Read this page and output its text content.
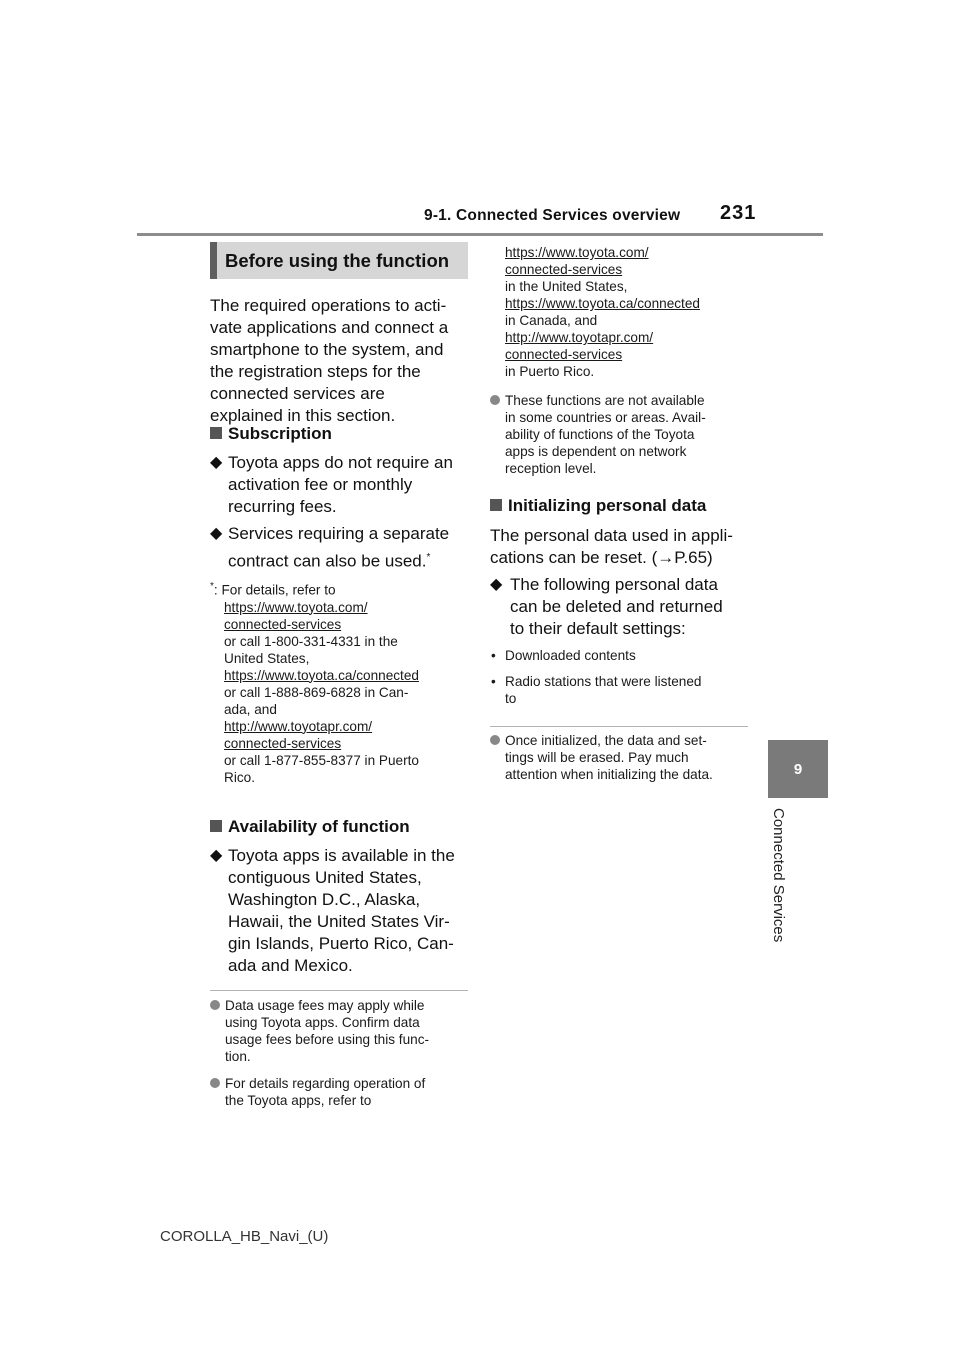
9-1. Connected Services overview 231
9
Connected Services
Before using the function
The required operations to acti-
vate applications and connect a
smartphone to the system, and
the registration steps for the
connected services are
explained in this section.
Subscription
◆ Toyota apps do not require an
activation fee or monthly
recurring fees.
◆ Services requiring a separate
contract can also be used.*
*: For details, refer to
https://www.toyota.com/
connected-services
or call 1-800-331-4331 in the
United States,
https://www.toyota.ca/connected
or call 1-888-869-6828 in Can-
ada, and
http://www.toyotapr.com/
connected-services
or call 1-877-855-8377 in Puerto
Rico.
Availability of function
◆ Toyota apps is available in the
contiguous United States,
Washington D.C., Alaska,
Hawaii, the United States Vir-
gin Islands, Puerto Rico, Can-
ada and Mexico.
Data usage fees may apply while
using Toyota apps. Confirm data
usage fees before using this func-
tion.
For details regarding operation of
the Toyota apps, refer to
https://www.toyota.com/
connected-services
in the United States,
https://www.toyota.ca/connected
in Canada, and
http://www.toyotapr.com/
connected-services
in Puerto Rico.
These functions are not available
in some countries or areas. Avail-
ability of functions of the Toyota
apps is dependent on network
reception level.
Initializing personal data
The personal data used in appli-
cations can be reset. (→P.65)
◆ The following personal data
can be deleted and returned
to their default settings:
• Downloaded contents
• Radio stations that were listened
to
Once initialized, the data and set-
tings will be erased. Pay much
attention when initializing the data.
COROLLA_HB_Navi_(U)
